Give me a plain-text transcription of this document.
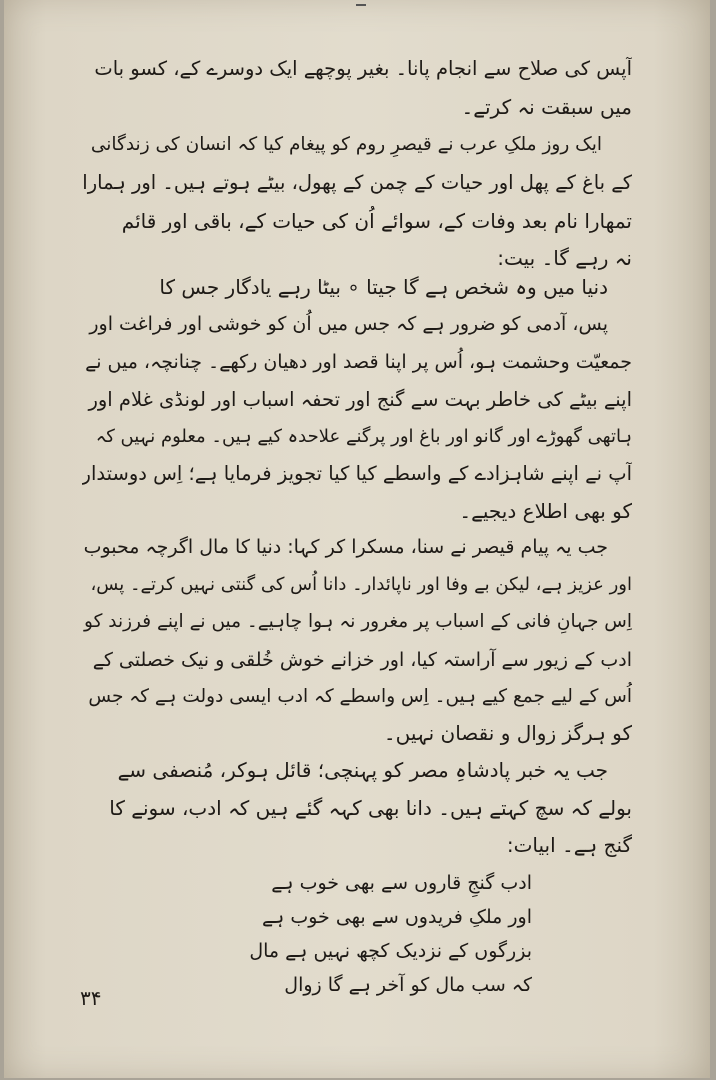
آپس کی صلاح سے انجام پانا۔ بغیر پوچھے ایک دوسرے کے، کسو بات
میں سبقت نہ کرتے۔
ایک روز ملکِ عرب نے قیصرِ روم کو پیغام کیا کہ انسان کی زندگانی
کے باغ کے پھل اور حیات کے چمن کے پھول، بیٹے ہوتے ہیں۔ اور ہمارا
تمھارا نام بعد وفات کے، سوائے اُن کی حیات کے، باقی اور قائم
نہ رہے گا۔ بیت:
دنیا میں وہ شخص ہے گا جیتا ∘ بیٹا رہے یادگار جس کا
پس، آدمی کو ضرور ہے کہ جس میں اُن کو خوشی اور فراغت اور
جمعیّت وحشمت ہو، اُس پر اپنا قصد اور دھیان رکھے۔ چنانچہ، میں نے
اپنے بیٹے کی خاطر بہت سے گنج اور تحفہ اسباب اور لونڈی غلام اور
ہاتھی گھوڑے اور گانو اور باغ اور پرگنے علاحدہ کیے ہیں۔ معلوم نہیں کہ
آپ نے اپنے شاہزادے کے واسطے کیا کیا تجویز فرمایا ہے؛ اِس دوستدار
کو بھی اطلاع دیجیے۔
جب یہ پیام قیصر نے سنا، مسکرا کر کہا: دنیا کا مال اگرچہ محبوب
اور عزیز ہے، لیکن بے وفا اور ناپائدار۔ دانا اُس کی گنتی نہیں کرتے۔ پس،
اِس جہانِ فانی کے اسباب پر مغرور نہ ہوا چاہیے۔ میں نے اپنے فرزند کو
ادب کے زیور سے آراستہ کیا، اور خزانے خوش خُلقی و نیک خصلتی کے
اُس کے لیے جمع کیے ہیں۔ اِس واسطے کہ ادب ایسی دولت ہے کہ جس
کو ہرگز زوال و نقصان نہیں۔
جب یہ خبر پادشاہِ مصر کو پہنچی؛ قائل ہوکر، مُنصفی سے
بولے کہ سچ کہتے ہیں۔ دانا بھی کہہ گئے ہیں کہ ادب، سونے کا
گنج ہے۔ ابیات:
ادب گنجِ قاروں سے بھی خوب ہے
اور ملکِ فریدوں سے بھی خوب ہے
بزرگوں کے نزدیک کچھ نہیں ہے مال
کہ سب مال کو آخر ہے گا زوال
۳۴
